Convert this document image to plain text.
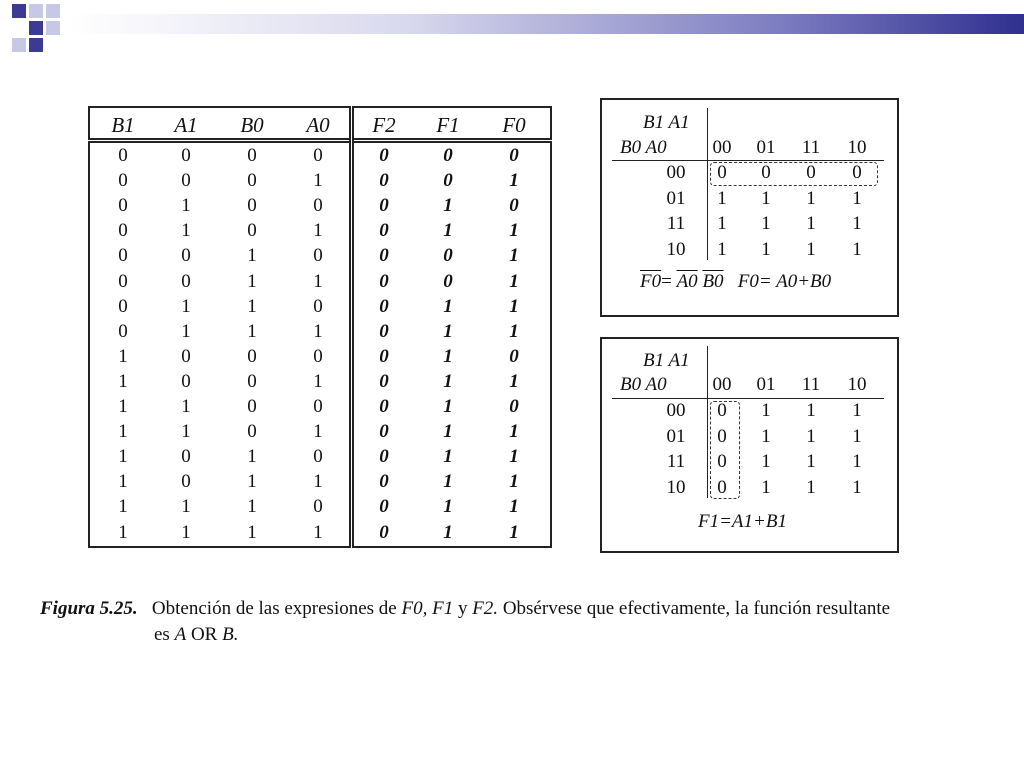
B1	A1	B0	A0	F2	F1	F0
0	0	0	0	0	0	0
0	0	0	1	0	0	1
0	1	0	0	0	1	0
0	1	0	1	0	1	1
0	0	1	0	0	0	1
0	0	1	1	0	0	1
0	1	1	0	0	1	1
0	1	1	1	0	1	1
1	0	0	0	0	1	0
1	0	0	1	0	1	1
1	1	0	0	0	1	0
1	1	0	1	0	1	1
1	0	1	0	0	1	1
1	0	1	1	0	1	1
1	1	1	0	0	1	1
1	1	1	1	0	1	1
B1 A1
B0 A0
F0= A0 B0 F0= A0+B0
00 01	11	10
00	0	0	0	0
01	1	1	1	1
11	1	1	1	1
10	1	1	1	1
B1 A1
B0 A0
F1=A1+B1
00 01	11	10
00	0	1	1	1
01	0	1	1	1
11	0	1	1	1
10	0	1	1	1
Figura 5.25. Obtención de las expresiones de F0, F1 y F2. Obsérvese que efectivamente, la función resultante
es A OR B.
